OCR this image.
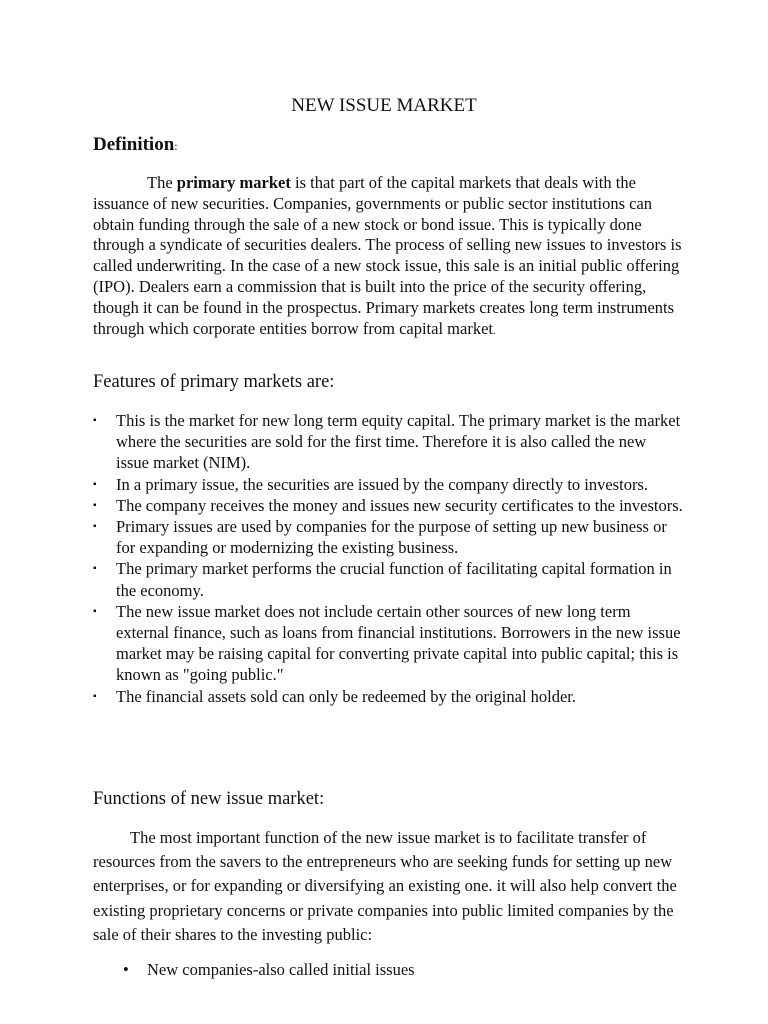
NEW ISSUE MARKET
Definition:

The primary market is that part of the capital markets that deals with the issuance of new securities. Companies, governments or public sector institutions can obtain funding through the sale of a new stock or bond issue. This is typically done through a syndicate of securities dealers. The process of selling new issues to investors is called underwriting. In the case of a new stock issue, this sale is an initial public offering (IPO). Dealers earn a commission that is built into the price of the security offering, though it can be found in the prospectus. Primary markets creates long term instruments through which corporate entities borrow from capital market.

Features of primary markets are:
▪ This is the market for new long term equity capital. The primary market is the market where the securities are sold for the first time. Therefore it is also called the new issue market (NIM).
▪ In a primary issue, the securities are issued by the company directly to investors.
▪ The company receives the money and issues new security certificates to the investors.
▪ Primary issues are used by companies for the purpose of setting up new business or for expanding or modernizing the existing business.
▪ The primary market performs the crucial function of facilitating capital formation in the economy.
▪ The new issue market does not include certain other sources of new long term external finance, such as loans from financial institutions. Borrowers in the new issue market may be raising capital for converting private capital into public capital; this is known as "going public."
▪ The financial assets sold can only be redeemed by the original holder.
Functions of new issue market:

The most important function of the new issue market is to facilitate transfer of resources from the savers to the entrepreneurs who are seeking funds for setting up new enterprises, or for expanding or diversifying an existing one. it will also help convert the existing proprietary concerns or private companies into public limited companies by the sale of their shares to the investing public:

• New companies-also called initial issues
